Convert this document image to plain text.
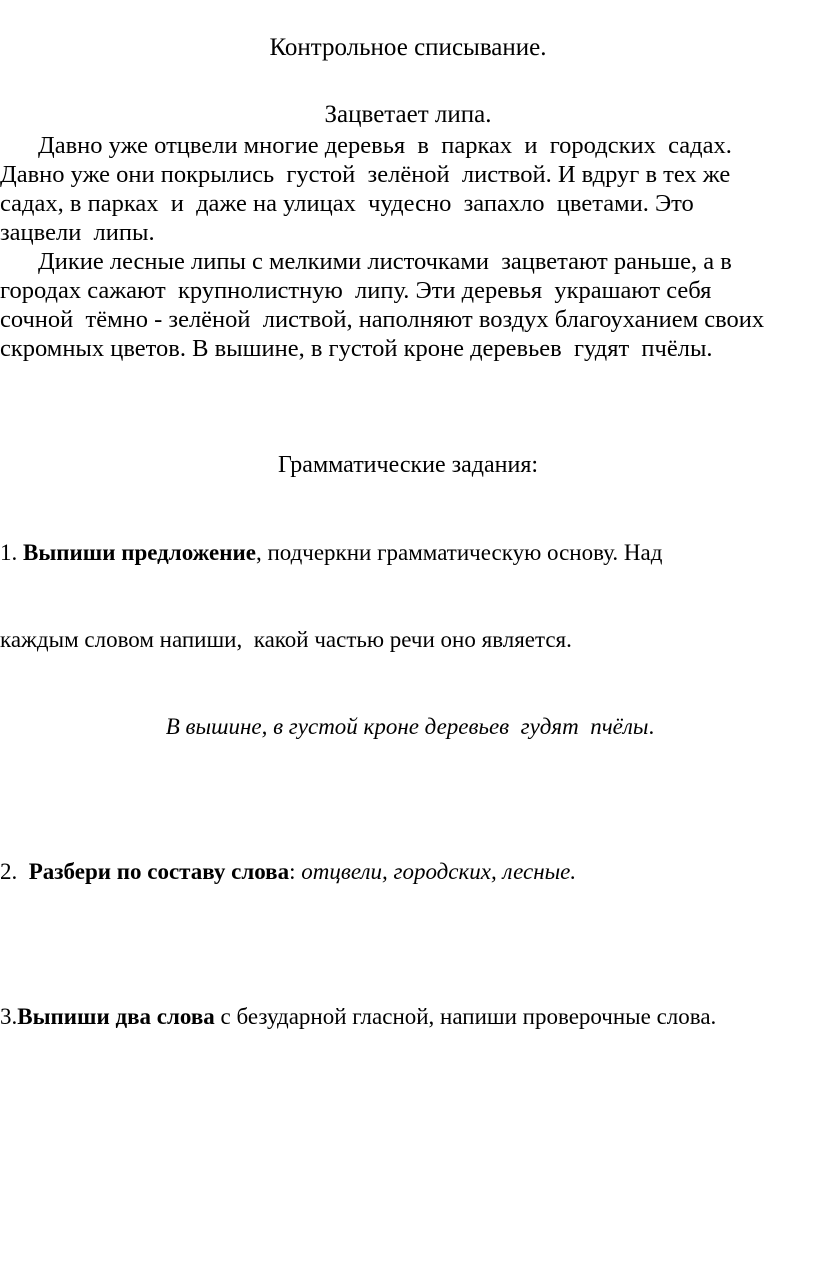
Контрольное списывание.
Зацветает липа.

Давно уже отцвели многие деревья  в  парках  и  городских  садах.
Давно уже они покрылись  густой  зелёной  листвой. И вдруг в тех же
садах, в парках  и  даже на улицах  чудесно  запахло  цветами. Это
зацвели  липы.

Дикие лесные липы с мелкими листочками  зацветают раньше, а в
городах сажают  крупнолистную  липу. Эти деревья  украшают себя
сочной  тёмно - зелёной  листвой, наполняют воздух благоуханием своих
скромных цветов. В вышине, в густой кроне деревьев  гудят  пчёлы.

Грамматические задания:

1. Выпиши предложение, подчеркни грамматическую основу. Над

каждым словом напиши,  какой частью речи оно является.

В вышине, в густой кроне деревьев  гудят  пчёлы.

2.  Разбери по составу слова: отцвели, городских, лесные.

3.Выпиши два слова с безударной гласной, напиши проверочные слова.
